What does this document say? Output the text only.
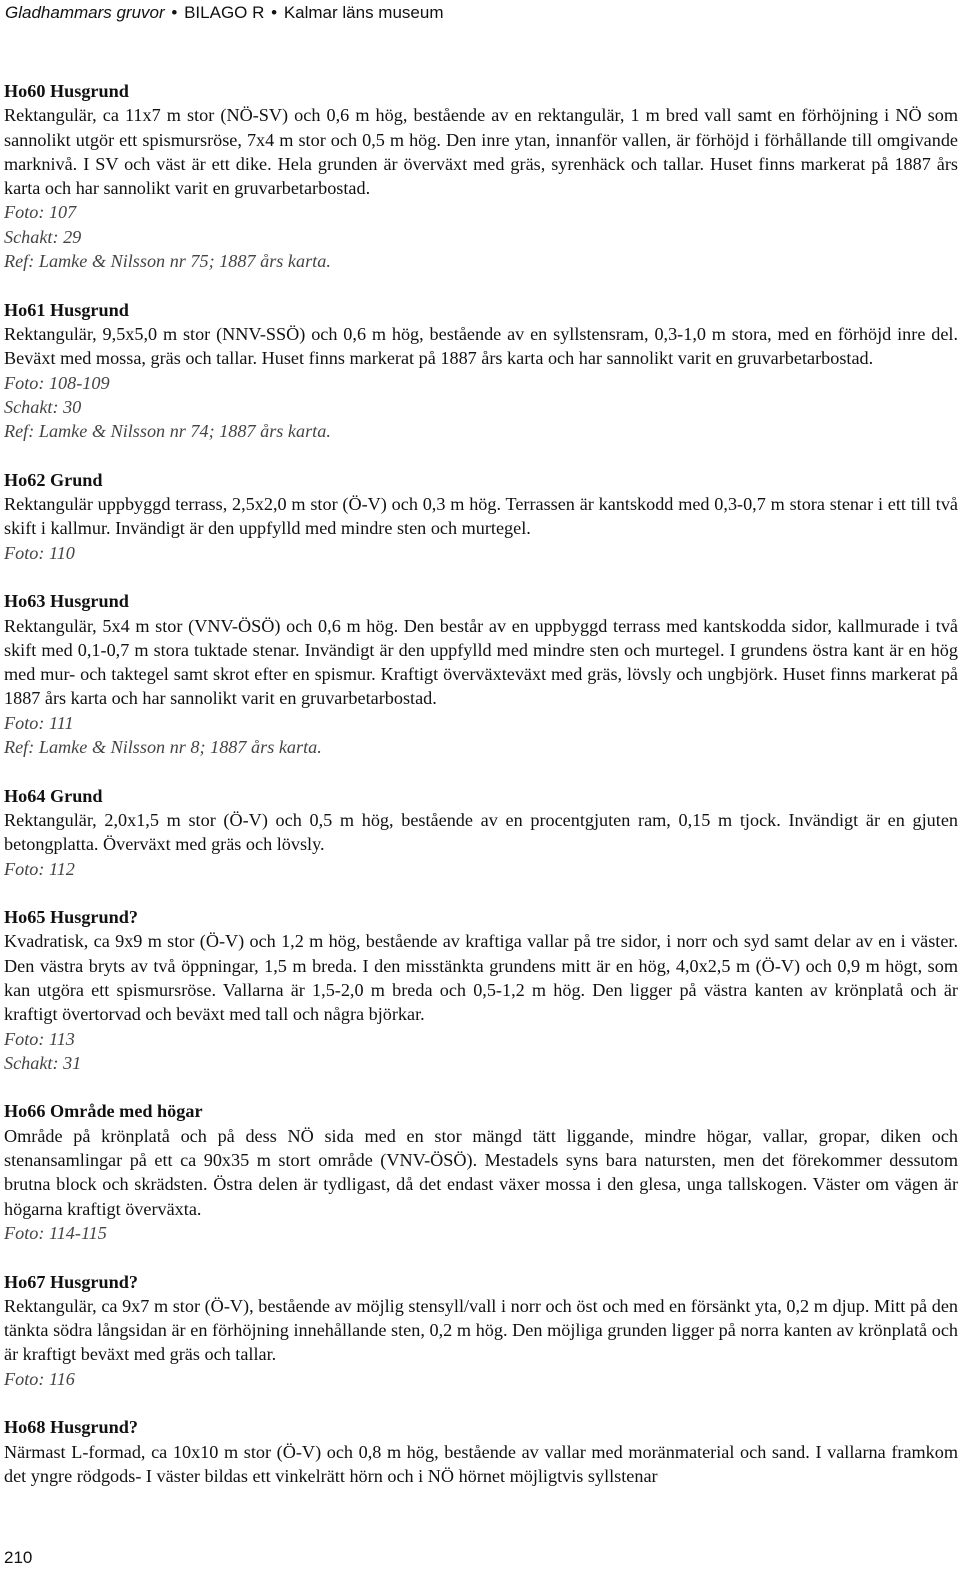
Gladhammars gruvor • BILAGO R • Kalmar läns museum
Ho60 Husgrund
Rektangulär, ca 11x7 m stor (NÖ-SV) och 0,6 m hög, bestående av en rektangulär, 1 m bred vall samt en förhöjning i NÖ som sannolikt utgör ett spismursröse, 7x4 m stor och 0,5 m hög. Den inre ytan, innanför vallen, är förhöjd i förhållande till omgivande marknivå. I SV och väst är ett dike. Hela grunden är överväxt med gräs, syrenhäck och tallar. Huset finns markerat på 1887 års karta och har sannolikt varit en gruvarbetarbostad.
Foto: 107
Schakt: 29
Ref: Lamke & Nilsson nr 75; 1887 års karta.
Ho61 Husgrund
Rektangulär, 9,5x5,0 m stor (NNV-SSÖ) och 0,6 m hög, bestående av en syllstensram, 0,3-1,0 m stora, med en förhöjd inre del. Beväxt med mossa, gräs och tallar. Huset finns markerat på 1887 års karta och har sannolikt varit en gruvarbetarbostad.
Foto: 108-109
Schakt: 30
Ref: Lamke & Nilsson nr 74; 1887 års karta.
Ho62 Grund
Rektangulär uppbyggd terrass, 2,5x2,0 m stor (Ö-V) och 0,3 m hög. Terrassen är kantskodd med 0,3-0,7 m stora stenar i ett till två skift i kallmur. Invändigt är den uppfylld med mindre sten och murtegel.
Foto: 110
Ho63 Husgrund
Rektangulär, 5x4 m stor (VNV-ÖSÖ) och 0,6 m hög. Den består av en uppbyggd terrass med kantskodda sidor, kallmurade i två skift med 0,1-0,7 m stora tuktade stenar. Invändigt är den uppfylld med mindre sten och murtegel. I grundens östra kant är en hög med mur- och taktegel samt skrot efter en spismur. Kraftigt överväxteväxt med gräs, lövsly och ungbjörk. Huset finns markerat på 1887 års karta och har sannolikt varit en gruvarbetarbostad.
Foto: 111
Ref: Lamke & Nilsson nr 8; 1887 års karta.
Ho64 Grund
Rektangulär, 2,0x1,5 m stor (Ö-V) och 0,5 m hög, bestående av en procentgjuten ram, 0,15 m tjock. Invändigt är en gjuten betongplatta. Överväxt med gräs och lövsly.
Foto: 112
Ho65 Husgrund?
Kvadratisk, ca 9x9 m stor (Ö-V) och 1,2 m hög, bestående av kraftiga vallar på tre sidor, i norr och syd samt delar av en i väster. Den västra bryts av två öppningar, 1,5 m breda. I den misstänkta grundens mitt är en hög, 4,0x2,5 m (Ö-V) och 0,9 m högt, som kan utgöra ett spismursröse. Vallarna är 1,5-2,0 m breda och 0,5-1,2 m hög. Den ligger på västra kanten av krönplatå och är kraftigt övertorvad och beväxt med tall och några björkar.
Foto: 113
Schakt: 31
Ho66 Område med högar
Område på krönplatå och på dess NÖ sida med en stor mängd tätt liggande, mindre högar, vallar, gropar, diken och stenansamlingar på ett ca 90x35 m stort område (VNV-ÖSÖ). Mestadels syns bara natursten, men det förekommer dessutom brutna block och skrädsten. Östra delen är tydligast, då det endast växer mossa i den glesa, unga tallskogen. Väster om vägen är högarna kraftigt överväxta.
Foto: 114-115
Ho67 Husgrund?
Rektangulär, ca 9x7 m stor (Ö-V), bestående av möjlig stensyll/vall i norr och öst och med en försänkt yta, 0,2 m djup. Mitt på den tänkta södra långsidan är en förhöjning innehållande sten, 0,2 m hög. Den möjliga grunden ligger på norra kanten av krönplatå och är kraftigt beväxt med gräs och tallar.
Foto: 116
Ho68 Husgrund?
Närmast L-formad, ca 10x10 m stor (Ö-V) och 0,8 m hög, bestående av vallar med moränmaterial och sand. I vallarna framkom det yngre rödgods- I väster bildas ett vinkelrätt hörn och i NÖ hörnet möjligtvis syllstenar
210
